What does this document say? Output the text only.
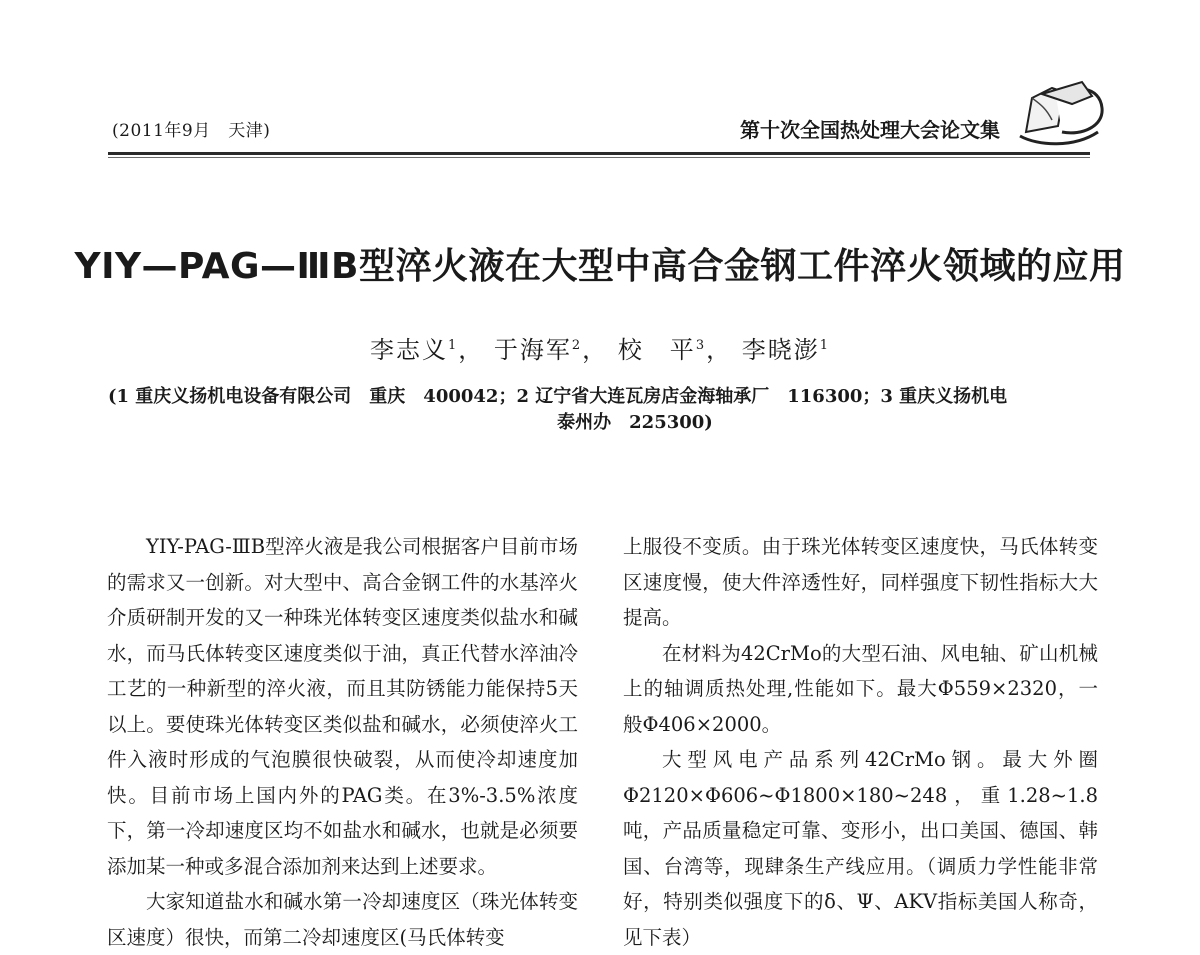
(2011年9月　天津)	第十次全国热处理大会论文集
YIY—PAG—ⅢB型淬火液在大型中高合金钢工件淬火领域的应用
李志义$^1$， 于海军$^2$， 校　平$^3$， 李晓澎$^1$
(1 重庆义扬机电设备有限公司　重庆　400042；2 辽宁省大连瓦房店金海轴承厂　116300；3 重庆义扬机电
泰州办　225300)

YIY-PAG-ⅢB型淬火液是我公司根据客户目前市场的需求又一创新。对大型中、高合金钢工件的水基淬火介质研制开发的又一种珠光体转变区速度类似盐水和碱水，而马氏体转变区速度类似于油，真正代替水淬油冷工艺的一种新型的淬火液，而且其防锈能力能保持5天以上。要使珠光体转变区类似盐和碱水，必须使淬火工件入液时形成的气泡膜很快破裂，从而使冷却速度加快。目前市场上国内外的PAG类。在3%-3.5%浓度下，第一冷却速度区均不如盐水和碱水，也就是必须要添加某一种或多混合添加剂来达到上述要求。

大家知道盐水和碱水第一冷却速度区（珠光体转变区速度）很快，而第二冷却速度区(马氏体转变

上服役不变质。由于珠光体转变区速度快，马氏体转变区速度慢，使大件淬透性好，同样强度下韧性指标大大提高。

在材料为42CrMo的大型石油、风电轴、矿山机械上的轴调质热处理,性能如下。最大Φ559×2320，一般Φ406×2000。

大型风电产品系列42CrMo钢。最大外圈Φ2120×Φ606~Φ1800×180~248，重1.28~1.8吨，产品质量稳定可靠、变形小，出口美国、德国、韩国、台湾等，现肆条生产线应用。（调质力学性能非常好，特别类似强度下的δ、Ψ、AKV指标美国人称奇，见下表）
